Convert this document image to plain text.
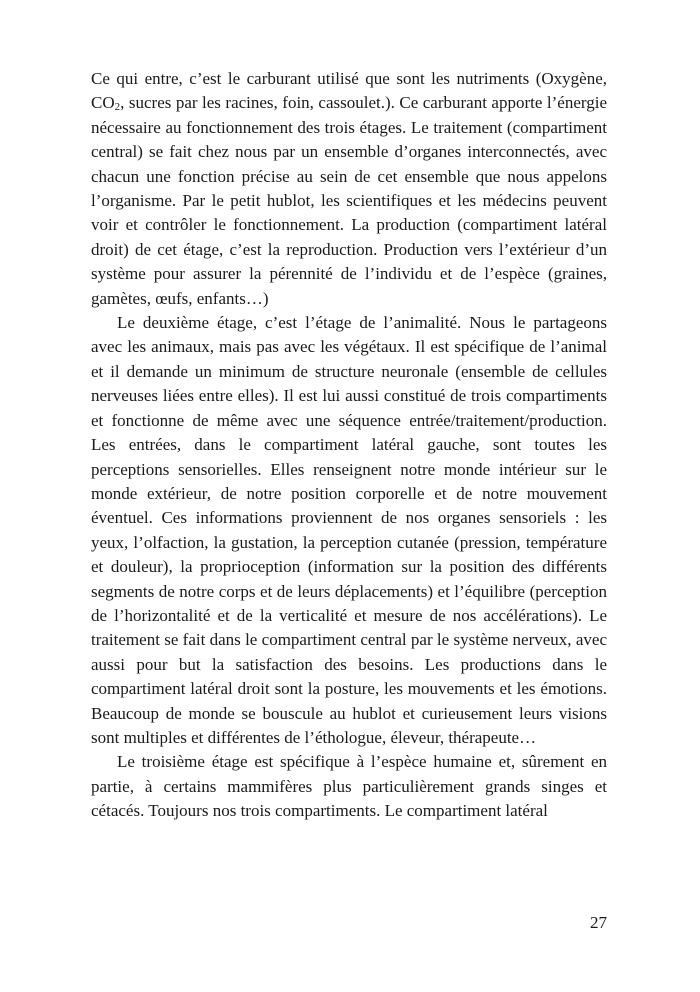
Ce qui entre, c’est le carburant utilisé que sont les nutriments (Oxygène, $CO_2$, sucres par les racines, foin, cassoulet.). Ce carburant apporte l’énergie nécessaire au fonctionnement des trois étages. Le traitement (compartiment central) se fait chez nous par un ensemble d’organes interconnectés, avec chacun une fonction précise au sein de cet ensemble que nous appelons l’organisme. Par le petit hublot, les scientifiques et les médecins peuvent voir et contrôler le fonctionnement. La production (compartiment latéral droit) de cet étage, c’est la reproduction. Production vers l’extérieur d’un système pour assurer la pérennité de l’individu et de l’espèce (graines, gamètes, œufs, enfants…)

Le deuxième étage, c’est l’étage de l’animalité. Nous le partageons avec les animaux, mais pas avec les végétaux. Il est spécifique de l’animal et il demande un minimum de structure neuronale (ensemble de cellules nerveuses liées entre elles). Il est lui aussi constitué de trois compartiments et fonctionne de même avec une séquence entrée/traitement/production. Les entrées, dans le compartiment latéral gauche, sont toutes les perceptions sensorielles. Elles renseignent notre monde intérieur sur le monde extérieur, de notre position corporelle et de notre mouvement éventuel. Ces informations proviennent de nos organes sensoriels : les yeux, l’olfaction, la gustation, la perception cutanée (pression, température et douleur), la proprioception (information sur la position des différents segments de notre corps et de leurs déplacements) et l’équilibre (perception de l’horizontalité et de la verticalité et mesure de nos accélérations). Le traitement se fait dans le compartiment central par le système nerveux, avec aussi pour but la satisfaction des besoins. Les productions dans le compartiment latéral droit sont la posture, les mouvements et les émotions. Beaucoup de monde se bouscule au hublot et curieusement leurs visions sont multiples et différentes de l’éthologue, éleveur, thérapeute…

Le troisième étage est spécifique à l’espèce humaine et, sûrement en partie, à certains mammifères plus particulièrement grands singes et cétacés. Toujours nos trois compartiments. Le compartiment latéral

27
